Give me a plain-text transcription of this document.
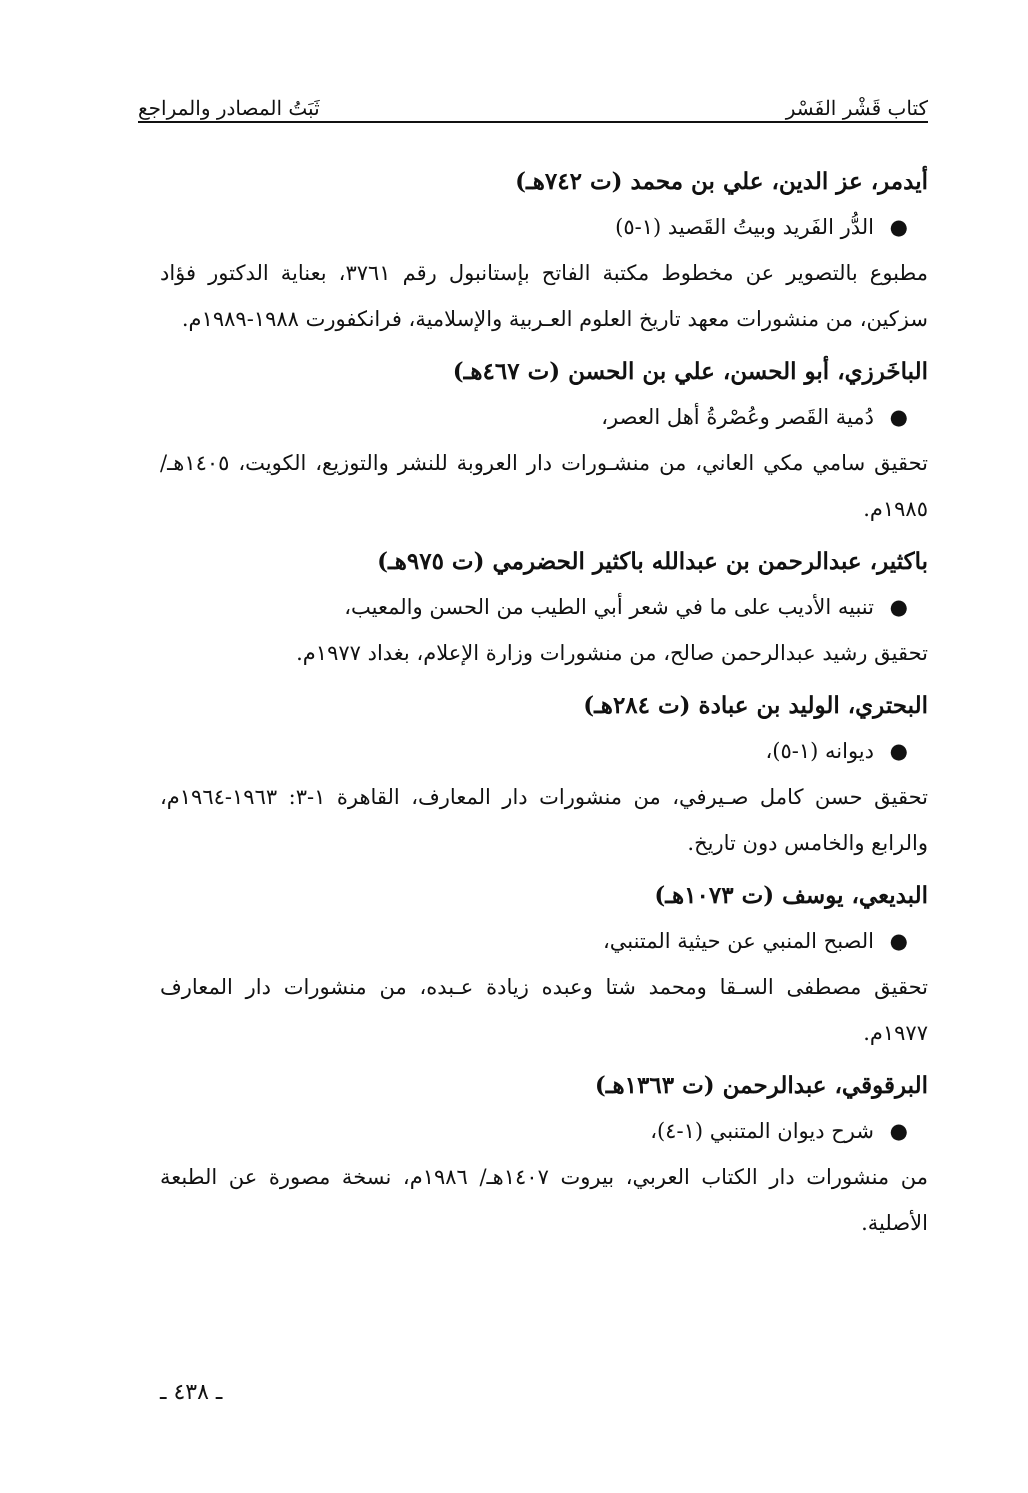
كتاب قَشْر الفَسْر
ثَبَتُ المصادر والمراجع

أيدمر، عز الدين، علي بن محمد (ت ٧٤٢هـ)

●الدُّر الفَريد وبيتُ القَصيد (١-٥)

مطبوع بالتصوير عن مخطوط مكتبة الفاتح بإستانبول رقم ٣٧٦١، بعناية الدكتور فؤاد سزكين، من منشورات معهد تاريخ العلوم العـربية والإسلامية، فرانكفورت ١٩٨٨-١٩٨٩م.

الباخَرزي، أبو الحسن، علي بن الحسن (ت ٤٦٧هـ)

●دُمية القَصر وعُصْرةُ أهل العصر،

تحقيق سامي مكي العاني، من منشـورات دار العروبة للنشر والتوزيع، الكويت، ١٤٠٥هـ/ ١٩٨٥م.

باكثير، عبدالرحمن بن عبدالله باكثير الحضرمي (ت ٩٧٥هـ)

●تنبيه الأديب على ما في شعر أبي الطيب من الحسن والمعيب،

تحقيق رشيد عبدالرحمن صالح، من منشورات وزارة الإعلام، بغداد ١٩٧٧م.

البحتري، الوليد بن عبادة (ت ٢٨٤هـ)

●ديوانه (١-٥)،

تحقيق حسن كامل صـيرفي، من منشورات دار المعارف، القاهرة ١-٣: ١٩٦٣-١٩٦٤م، والرابع والخامس دون تاريخ.

البديعي، يوسف (ت ١٠٧٣هـ)

●الصبح المنبي عن حيثية المتنبي،

تحقيق مصطفى السـقا ومحمد شتا وعبده زيادة عـبده، من منشورات دار المعارف ١٩٧٧م.

البرقوقي، عبدالرحمن (ت ١٣٦٣هـ)

●شرح ديوان المتنبي (١-٤)،

من منشورات دار الكتاب العربي، بيروت ١٤٠٧هـ/ ١٩٨٦م، نسخة مصورة عن الطبعة الأصلية.

ـ ٤٣٨ ـ
